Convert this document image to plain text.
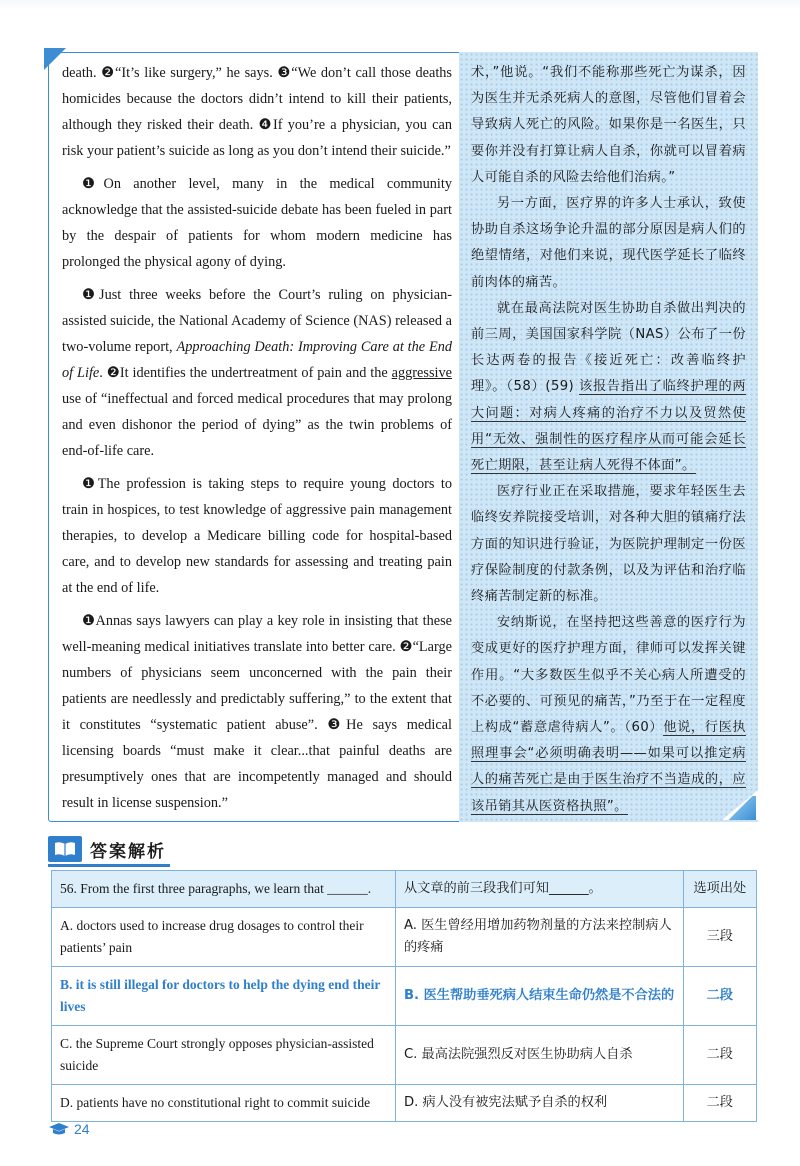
death. ❷“It’s like surgery,” he says. ❸“We don’t call those deaths homicides because the doctors didn’t intend to kill their patients, although they risked their death. ❹If you’re a physician, you can risk your patient’s suicide as long as you don’t intend their suicide.”

❶On another level, many in the medical community acknowledge that the assisted-suicide debate has been fueled in part by the despair of patients for whom modern medicine has prolonged the physical agony of dying.

❶Just three weeks before the Court’s ruling on physician-assisted suicide, the National Academy of Science (NAS) released a two-volume report, Approaching Death: Improving Care at the End of Life. ❷It identifies the undertreatment of pain and the aggressive use of “ineffectual and forced medical procedures that may prolong and even dishonor the period of dying” as the twin problems of end-of-life care.

❶The profession is taking steps to require young doctors to train in hospices, to test knowledge of aggressive pain management therapies, to develop a Medicare billing code for hospital-based care, and to develop new standards for assessing and treating pain at the end of life.

❶Annas says lawyers can play a key role in insisting that these well-meaning medical initiatives translate into better care. ❷“Large numbers of physicians seem unconcerned with the pain their patients are needlessly and predictably suffering,” to the extent that it constitutes “systematic patient abuse”. ❸He says medical licensing boards “must make it clear...that painful deaths are presumptively ones that are incompetently managed and should result in license suspension.”

术，”他说。“我们不能称那些死亡为谋杀，因为医生并无杀死病人的意图，尽管他们冒着会导致病人死亡的风险。如果你是一名医生，只要你并没有打算让病人自杀，你就可以冒着病人可能自杀的风险去给他们治病。”

另一方面，医疗界的许多人士承认，致使协助自杀这场争论升温的部分原因是病人们的绝望情绪，对他们来说，现代医学延长了临终前肉体的痛苦。

就在最高法院对医生协助自杀做出判决的前三周，美国国家科学院（NAS）公布了一份长达两卷的报告《接近死亡：改善临终护理》。（58）(59) 该报告指出了临终护理的两大问题：对病人疼痛的治疗不力以及贸然使用“无效、强制性的医疗程序从而可能会延长死亡期限，甚至让病人死得不体面”。

医疗行业正在采取措施，要求年轻医生去临终安养院接受培训，对各种大胆的镇痛疗法方面的知识进行验证，为医院护理制定一份医疗保险制度的付款条例，以及为评估和治疗临终痛苦制定新的标准。

安纳斯说，在坚持把这些善意的医疗行为变成更好的医疗护理方面，律师可以发挥关键作用。“大多数医生似乎不关心病人所遭受的不必要的、可预见的痛苦，”乃至于在一定程度上构成“蓄意虐待病人”。（60）他说，行医执照理事会“必须明确表明——如果可以推定病人的痛苦死亡是由于医生治疗不当造成的，应该吊销其从医资格执照”。

答案解析
56. From the first three paragraphs, we learn that ______.	从文章的前三段我们可知______。	选项出处
A. doctors used to increase drug dosages to control their patients’ pain	A. 医生曾经用增加药物剂量的方法来控制病人的疼痛	三段
B. it is still illegal for doctors to help the dying end their lives	B. 医生帮助垂死病人结束生命仍然是不合法的	二段
C. the Supreme Court strongly opposes physician-assisted suicide	C. 最高法院强烈反对医生协助病人自杀	二段
D. patients have no constitutional right to commit suicide	D. 病人没有被宪法赋予自杀的权利	二段
24
